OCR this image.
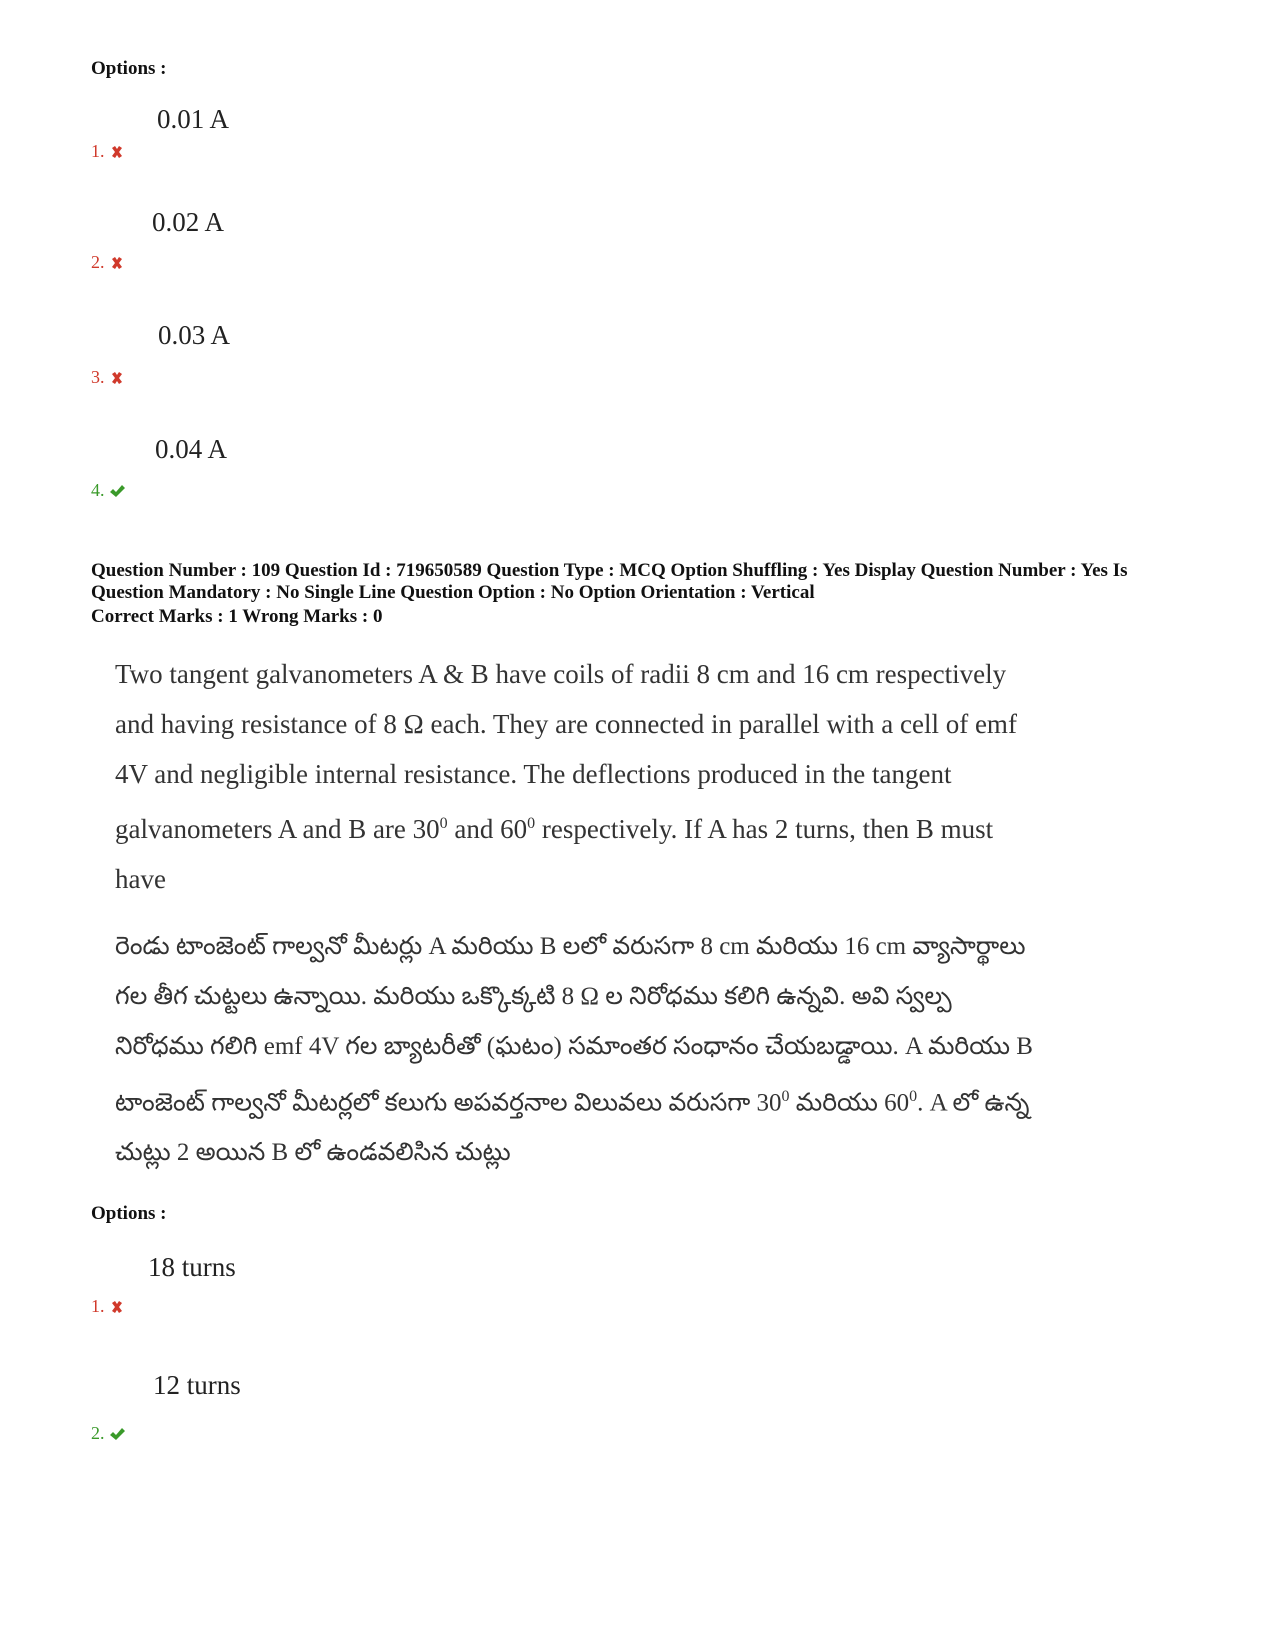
Options :
0.01 A
1.
0.02 A
2.
0.03 A
3.
0.04 A
4.
Question Number : 109 Question Id : 719650589 Question Type : MCQ Option Shuffling : Yes Display Question Number : Yes Is
Question Mandatory : No Single Line Question Option : No Option Orientation : Vertical
Correct Marks : 1 Wrong Marks : 0
Two tangent galvanometers A & B have coils of radii 8 cm and 16 cm respectively
and having resistance of 8 Ω each. They are connected in parallel with a cell of emf
4V and negligible internal resistance. The deflections produced in the tangent
galvanometers A and B are $30^0$ and $60^0$ respectively. If A has 2 turns, then B must
have
రెండు టాంజెంట్ గాల్వనో మీటర్లు A మరియు B లలో వరుసగా 8 cm మరియు 16 cm వ్యాసార్థాలు
గల తీగ చుట్టలు ఉన్నాయి. మరియు ఒక్కొక్కటి 8 Ω ల నిరోధము కలిగి ఉన్నవి. అవి స్వల్ప
నిరోధము గలిగి emf 4V గల బ్యాటరీతో (ఘటం) సమాంతర సంధానం చేయబడ్డాయి. A మరియు B
టాంజెంట్ గాల్వనో మీటర్లలో కలుగు అపవర్తనాల విలువలు వరుసగా $30^0$ మరియు $60^0$. A లో ఉన్న
చుట్లు 2 అయిన B లో ఉండవలిసిన చుట్లు
Options :
18 turns
1.
12 turns
2.
